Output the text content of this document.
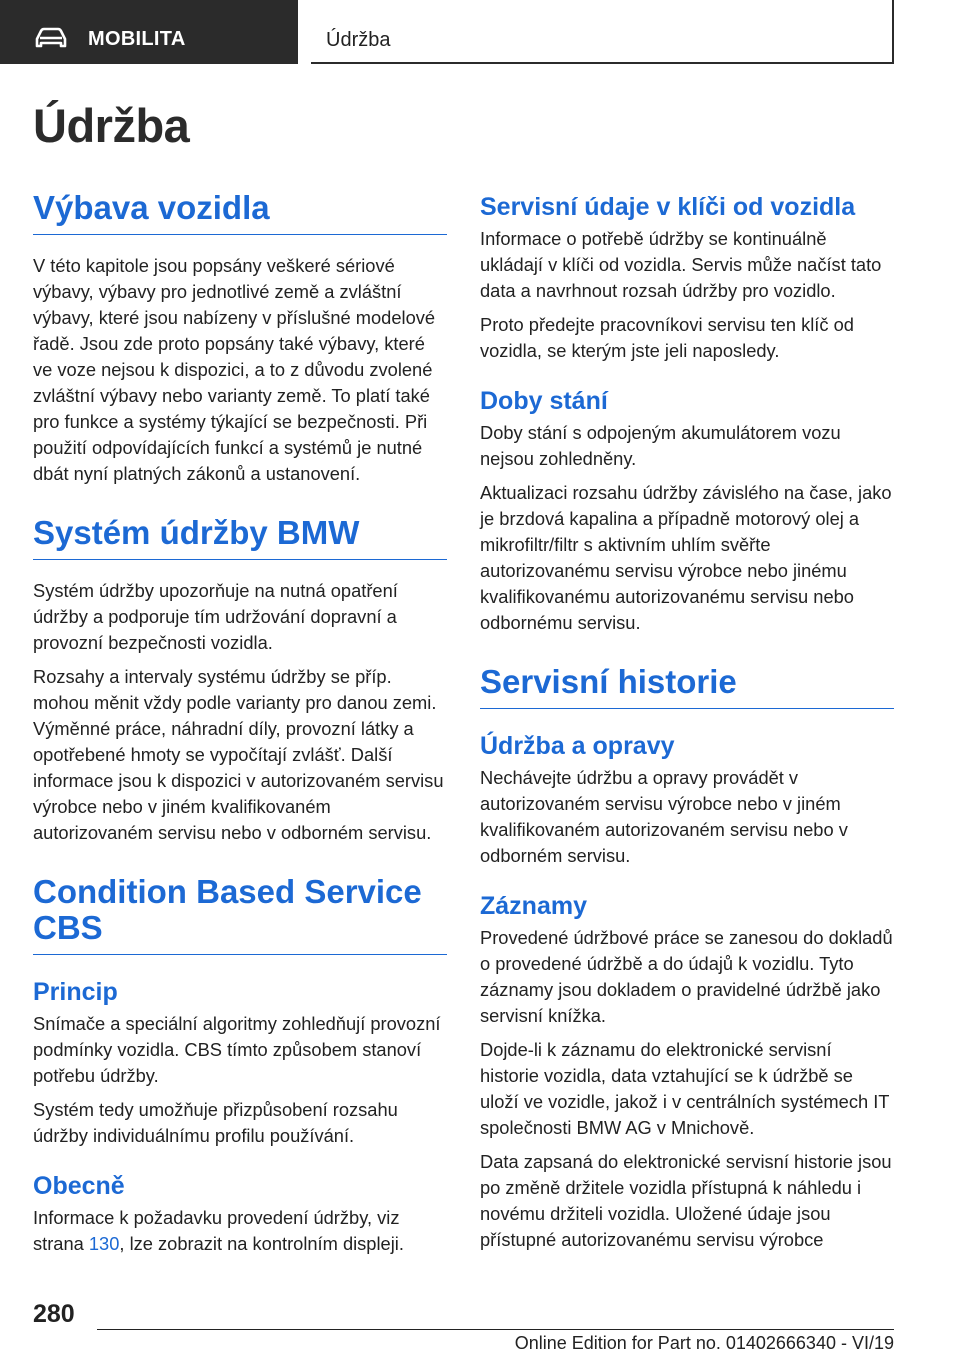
MOBILITA	Údržba
Údržba
Výbava vozidla

V této kapitole jsou popsány veškeré sériové výbavy, výbavy pro jednotlivé země a zvláštní výbavy, které jsou nabízeny v příslušné modelové řadě. Jsou zde proto popsány také výbavy, které ve voze nejsou k dispozici, a to z důvodu zvolené zvláštní výbavy nebo varianty země. To platí také pro funkce a systémy týkající se bezpečnosti. Při použití odpovídajících funkcí a systémů je nutné dbát nyní platných zákonů a ustanovení.

Systém údržby BMW

Systém údržby upozorňuje na nutná opatření údržby a podporuje tím udržování dopravní a provozní bezpečnosti vozidla.

Rozsahy a intervaly systému údržby se příp. mohou měnit vždy podle varianty pro danou zemi. Výměnné práce, náhradní díly, provozní látky a opotřebené hmoty se vypočítají zvlášť. Další informace jsou k dispozici v autorizovaném servisu výrobce nebo v jiném kvalifikovaném autorizovaném servisu nebo v odborném servisu.

Condition Based Service CBS
Princip

Snímače a speciální algoritmy zohledňují provozní podmínky vozidla. CBS tímto způsobem stanoví potřebu údržby.

Systém tedy umožňuje přizpůsobení rozsahu údržby individuálnímu profilu používání.

Obecně

Informace k požadavku provedení údržby, viz strana 130, lze zobrazit na kontrolním displeji.

Servisní údaje v klíči od vozidla

Informace o potřebě údržby se kontinuálně ukládají v klíči od vozidla. Servis může načíst tato data a navrhnout rozsah údržby pro vozidlo.

Proto předejte pracovníkovi servisu ten klíč od vozidla, se kterým jste jeli naposledy.

Doby stání

Doby stání s odpojeným akumulátorem vozu nejsou zohledněny.

Aktualizaci rozsahu údržby závislého na čase, jako je brzdová kapalina a případně motorový olej a mikrofiltr/filtr s aktivním uhlím svěřte autorizovanému servisu výrobce nebo jinému kvalifikovanému autorizovanému servisu nebo odbornému servisu.

Servisní historie
Údržba a opravy

Nechávejte údržbu a opravy provádět v autorizovaném servisu výrobce nebo v jiném kvalifikovaném autorizovaném servisu nebo v odborném servisu.

Záznamy

Provedené údržbové práce se zanesou do dokladů o provedené údržbě a do údajů k vozidlu. Tyto záznamy jsou dokladem o pravidelné údržbě jako servisní knížka.

Dojde-li k záznamu do elektronické servisní historie vozidla, data vztahující se k údržbě se uloží ve vozidle, jakož i v centrálních systémech IT společnosti BMW AG v Mnichově.

Data zapsaná do elektronické servisní historie jsou po změně držitele vozidla přístupná k náhledu i novému držiteli vozidla. Uložené údaje jsou přístupné autorizovanému servisu výrobce

280
Online Edition for Part no. 01402666340 - VI/19
